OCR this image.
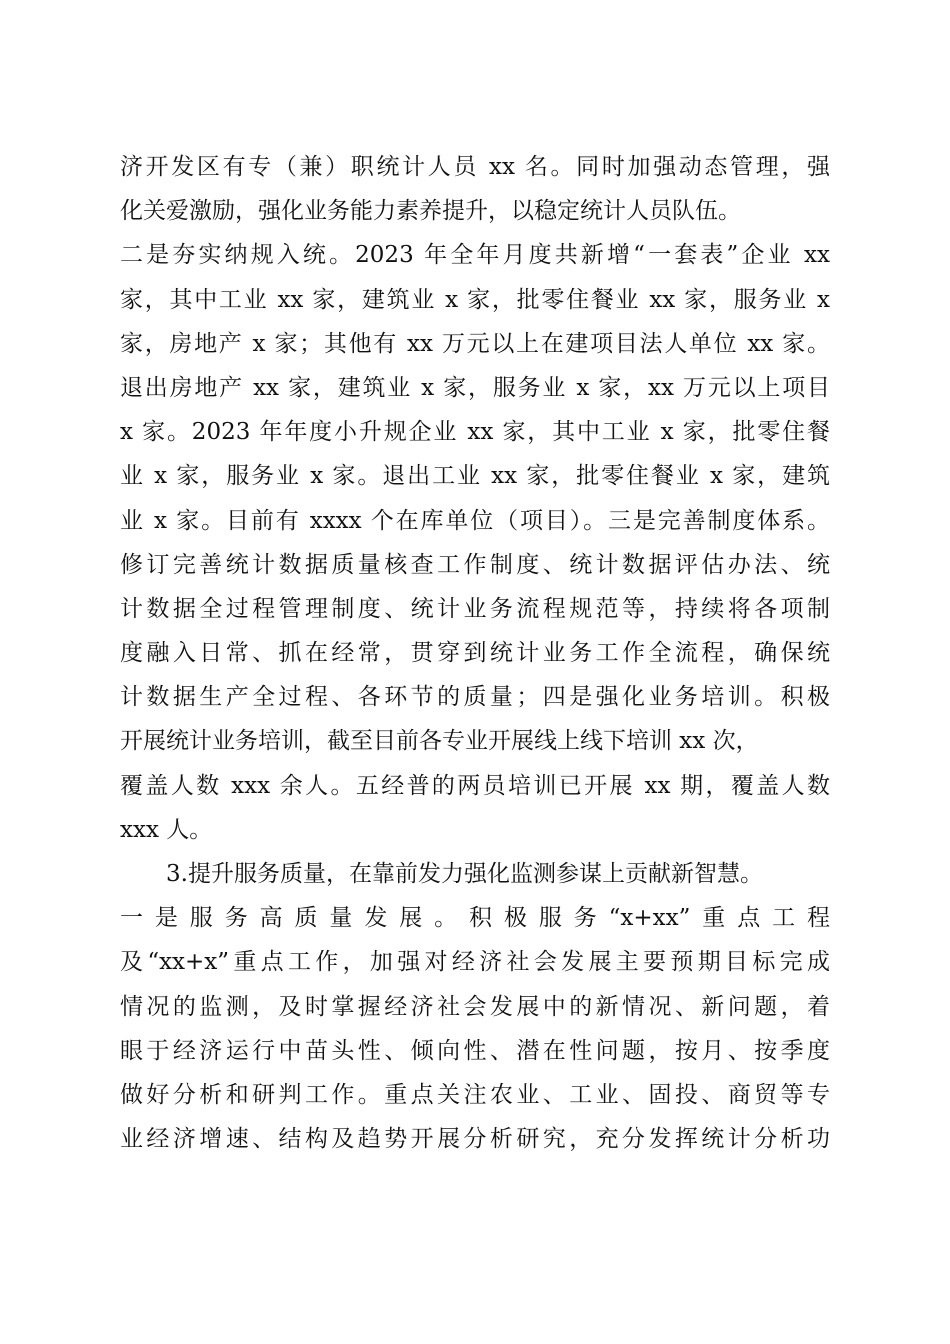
济开发区有专（兼）职统计人员 xx 名。同时加强动态管理，强
化关爱激励，强化业务能力素养提升，以稳定统计人员队伍。
二是夯实纳规入统。2023 年全年月度共新增“一套表”企业 xx
家，其中工业 xx 家，建筑业 x 家，批零住餐业 xx 家，服务业 x
家，房地产 x 家；其他有 xx 万元以上在建项目法人单位 xx 家。
退出房地产 xx 家，建筑业 x 家，服务业 x 家，xx 万元以上项目
x 家。2023 年年度小升规企业 xx 家，其中工业 x 家，批零住餐
业 x 家，服务业 x 家。退出工业 xx 家，批零住餐业 x 家，建筑
业 x 家。目前有 xxxx 个在库单位（项目）。三是完善制度体系。
修订完善统计数据质量核查工作制度、统计数据评估办法、统
计数据全过程管理制度、统计业务流程规范等，持续将各项制
度融入日常、抓在经常，贯穿到统计业务工作全流程，确保统
计数据生产全过程、各环节的质量；四是强化业务培训。积极
开展统计业务培训，截至目前各专业开展线上线下培训 xx 次，
覆盖人数 xxx 余人。五经普的两员培训已开展 xx 期，覆盖人数
xxx 人。
3.提升服务质量，在靠前发力强化监测参谋上贡献新智慧。
一是服务高质量发展。积极服务“x+xx”重点工程
及“xx+x”重点工作，加强对经济社会发展主要预期目标完成
情况的监测，及时掌握经济社会发展中的新情况、新问题，着
眼于经济运行中苗头性、倾向性、潜在性问题，按月、按季度
做好分析和研判工作。重点关注农业、工业、固投、商贸等专
业经济增速、结构及趋势开展分析研究，充分发挥统计分析功
